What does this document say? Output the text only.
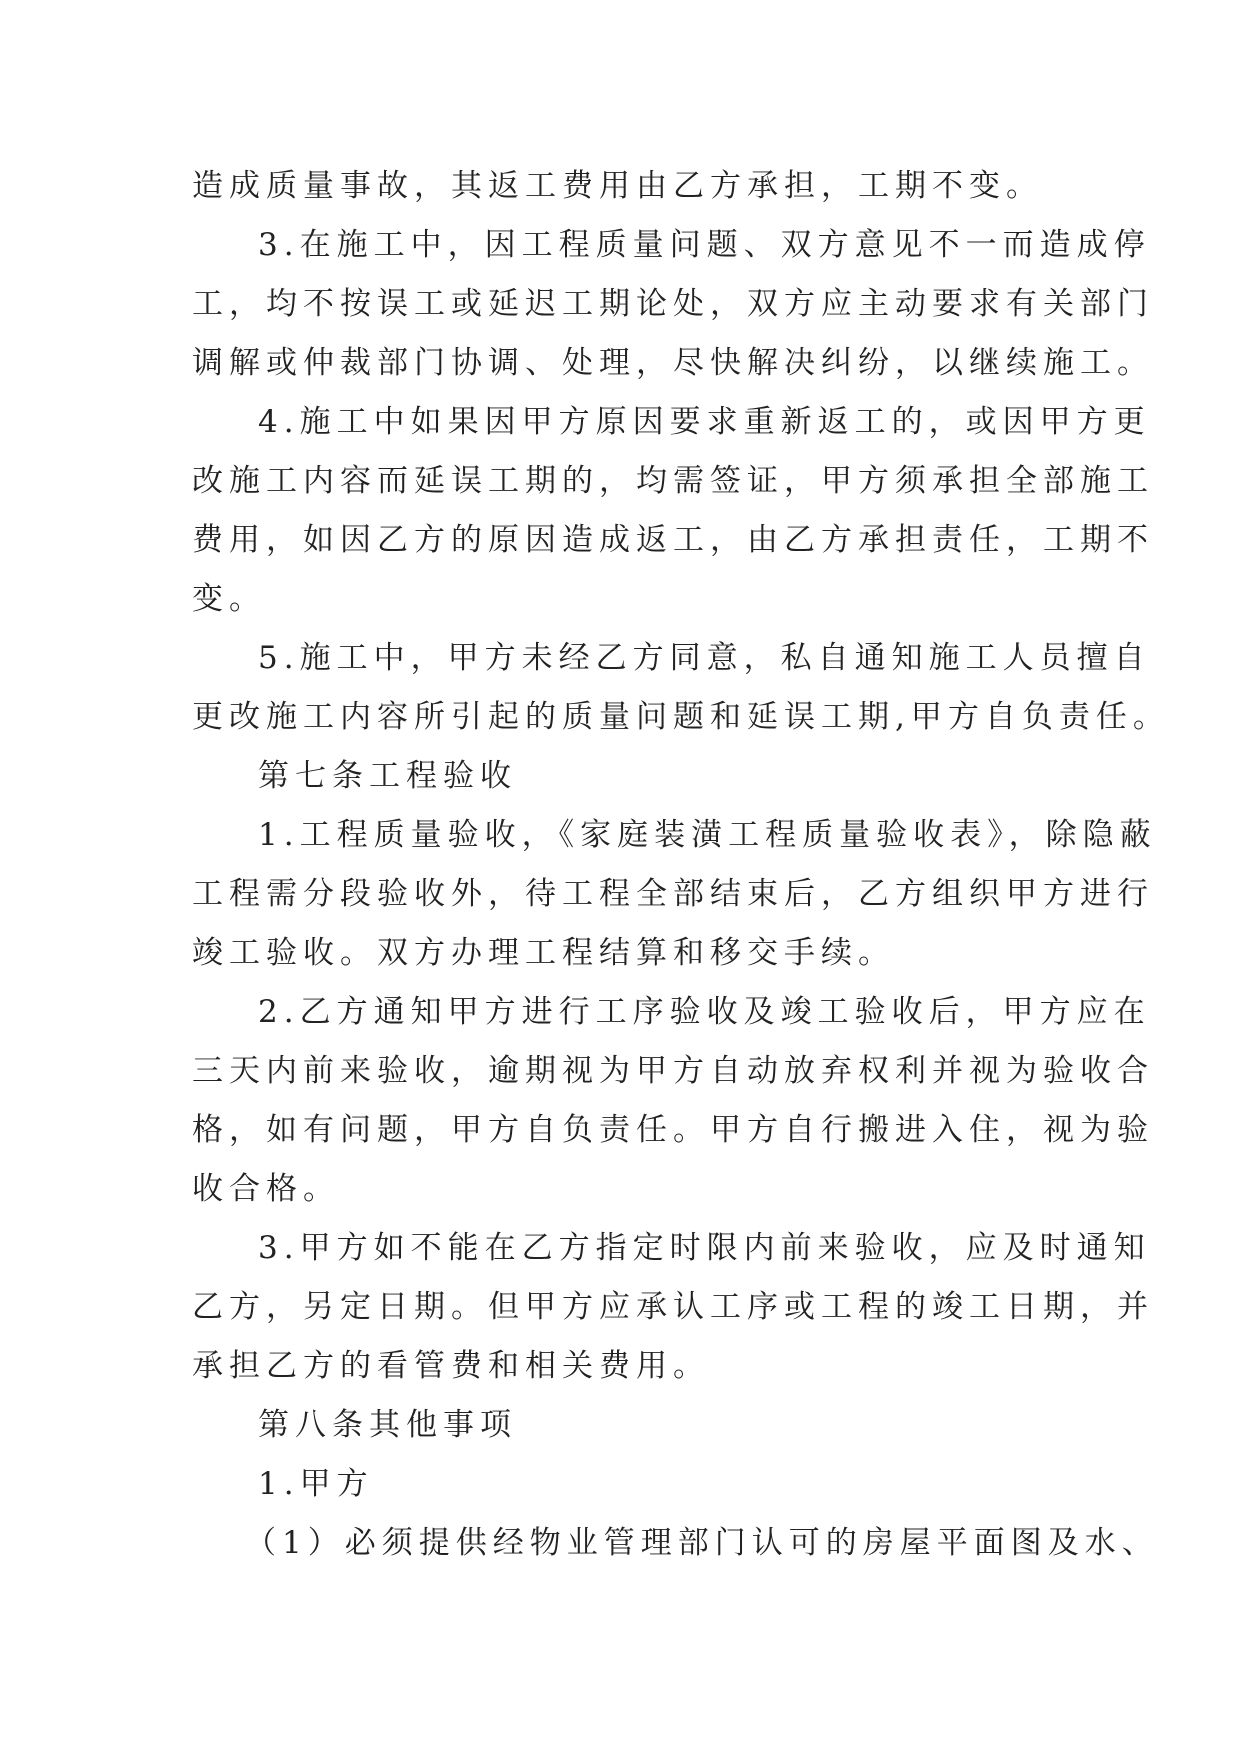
造成质量事故，其返工费用由乙方承担，工期不变。
3.在施工中，因工程质量问题、双方意见不一而造成停
工，均不按误工或延迟工期论处，双方应主动要求有关部门
调解或仲裁部门协调、处理，尽快解决纠纷，以继续施工。
4.施工中如果因甲方原因要求重新返工的，或因甲方更
改施工内容而延误工期的，均需签证，甲方须承担全部施工
费用，如因乙方的原因造成返工，由乙方承担责任，工期不
变。
5.施工中，甲方未经乙方同意，私自通知施工人员擅自
更改施工内容所引起的质量问题和延误工期,甲方自负责任。
第七条工程验收
1.工程质量验收，《家庭装潢工程质量验收表》，除隐蔽
工程需分段验收外，待工程全部结束后，乙方组织甲方进行
竣工验收。双方办理工程结算和移交手续。
2.乙方通知甲方进行工序验收及竣工验收后，甲方应在
三天内前来验收，逾期视为甲方自动放弃权利并视为验收合
格，如有问题，甲方自负责任。甲方自行搬进入住，视为验
收合格。
3.甲方如不能在乙方指定时限内前来验收，应及时通知
乙方，另定日期。但甲方应承认工序或工程的竣工日期，并
承担乙方的看管费和相关费用。
第八条其他事项
1.甲方
（1）必须提供经物业管理部门认可的房屋平面图及水、
